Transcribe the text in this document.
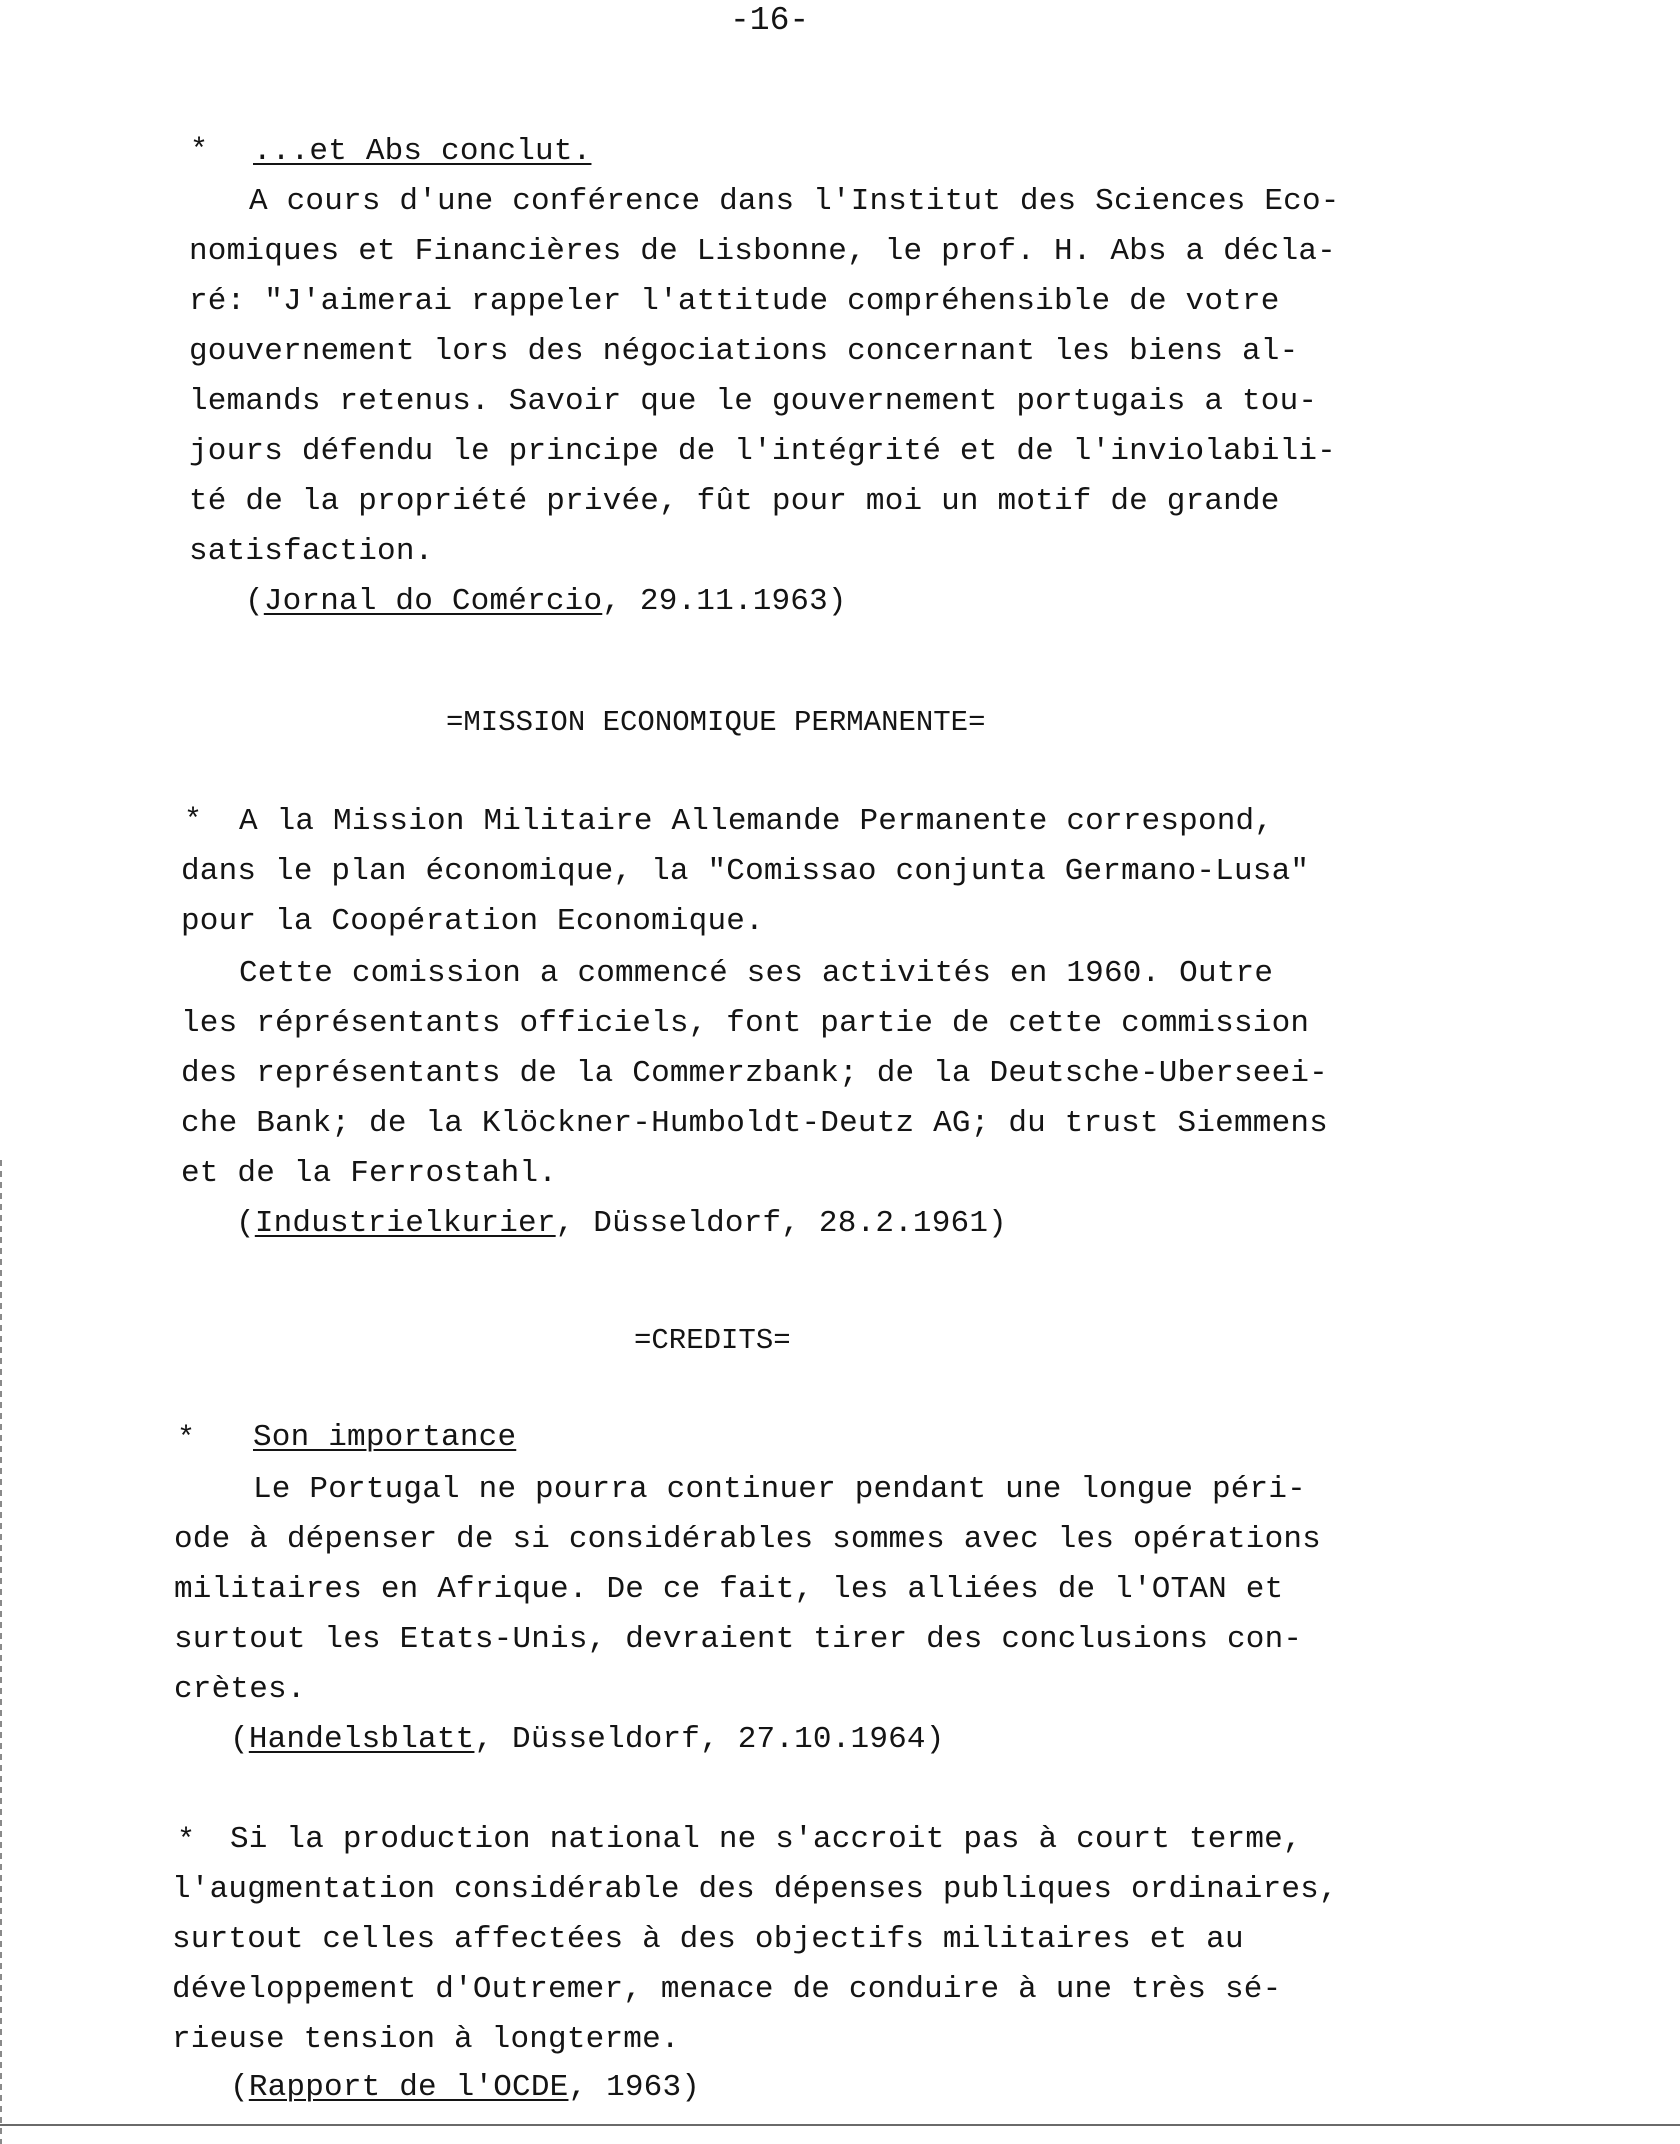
-16-
* ...et Abs conclut.
A cours d'une conférence dans l'Institut des Sciences Eco-
nomiques et Financières de Lisbonne, le prof. H. Abs a décla-
ré: "J'aimerai rappeler l'attitude compréhensible de votre
gouvernement lors des négociations concernant les biens al-
lemands retenus. Savoir que le gouvernement portugais a tou-
jours défendu le principe de l'intégrité et de l'inviolabili-
té de la propriété privée, fût pour moi un motif de grande
satisfaction.
(Jornal do Comércio, 29.11.1963)
=MISSION ECONOMIQUE PERMANENTE=
* A la Mission Militaire Allemande Permanente correspond,
dans le plan économique, la "Comissao conjunta Germano-Lusa"
pour la Coopération Economique.
Cette comission a commencé ses activités en 1960. Outre
les réprésentants officiels, font partie de cette commission
des représentants de la Commerzbank; de la Deutsche-Uberseei-
che Bank; de la Klöckner-Humboldt-Deutz AG; du trust Siemmens
et de la Ferrostahl.
(Industrielkurier, Düsseldorf, 28.2.1961)
=CREDITS=
* Son importance
Le Portugal ne pourra continuer pendant une longue péri-
ode à dépenser de si considérables sommes avec les opérations
militaires en Afrique. De ce fait, les alliées de l'OTAN et
surtout les Etats-Unis, devraient tirer des conclusions con-
crètes.
(Handelsblatt, Düsseldorf, 27.10.1964)
* Si la production national ne s'accroit pas à court terme,
l'augmentation considérable des dépenses publiques ordinaires,
surtout celles affectées à des objectifs militaires et au
développement d'Outremer, menace de conduire à une très sé-
rieuse tension à longterme.
(Rapport de l'OCDE, 1963)
